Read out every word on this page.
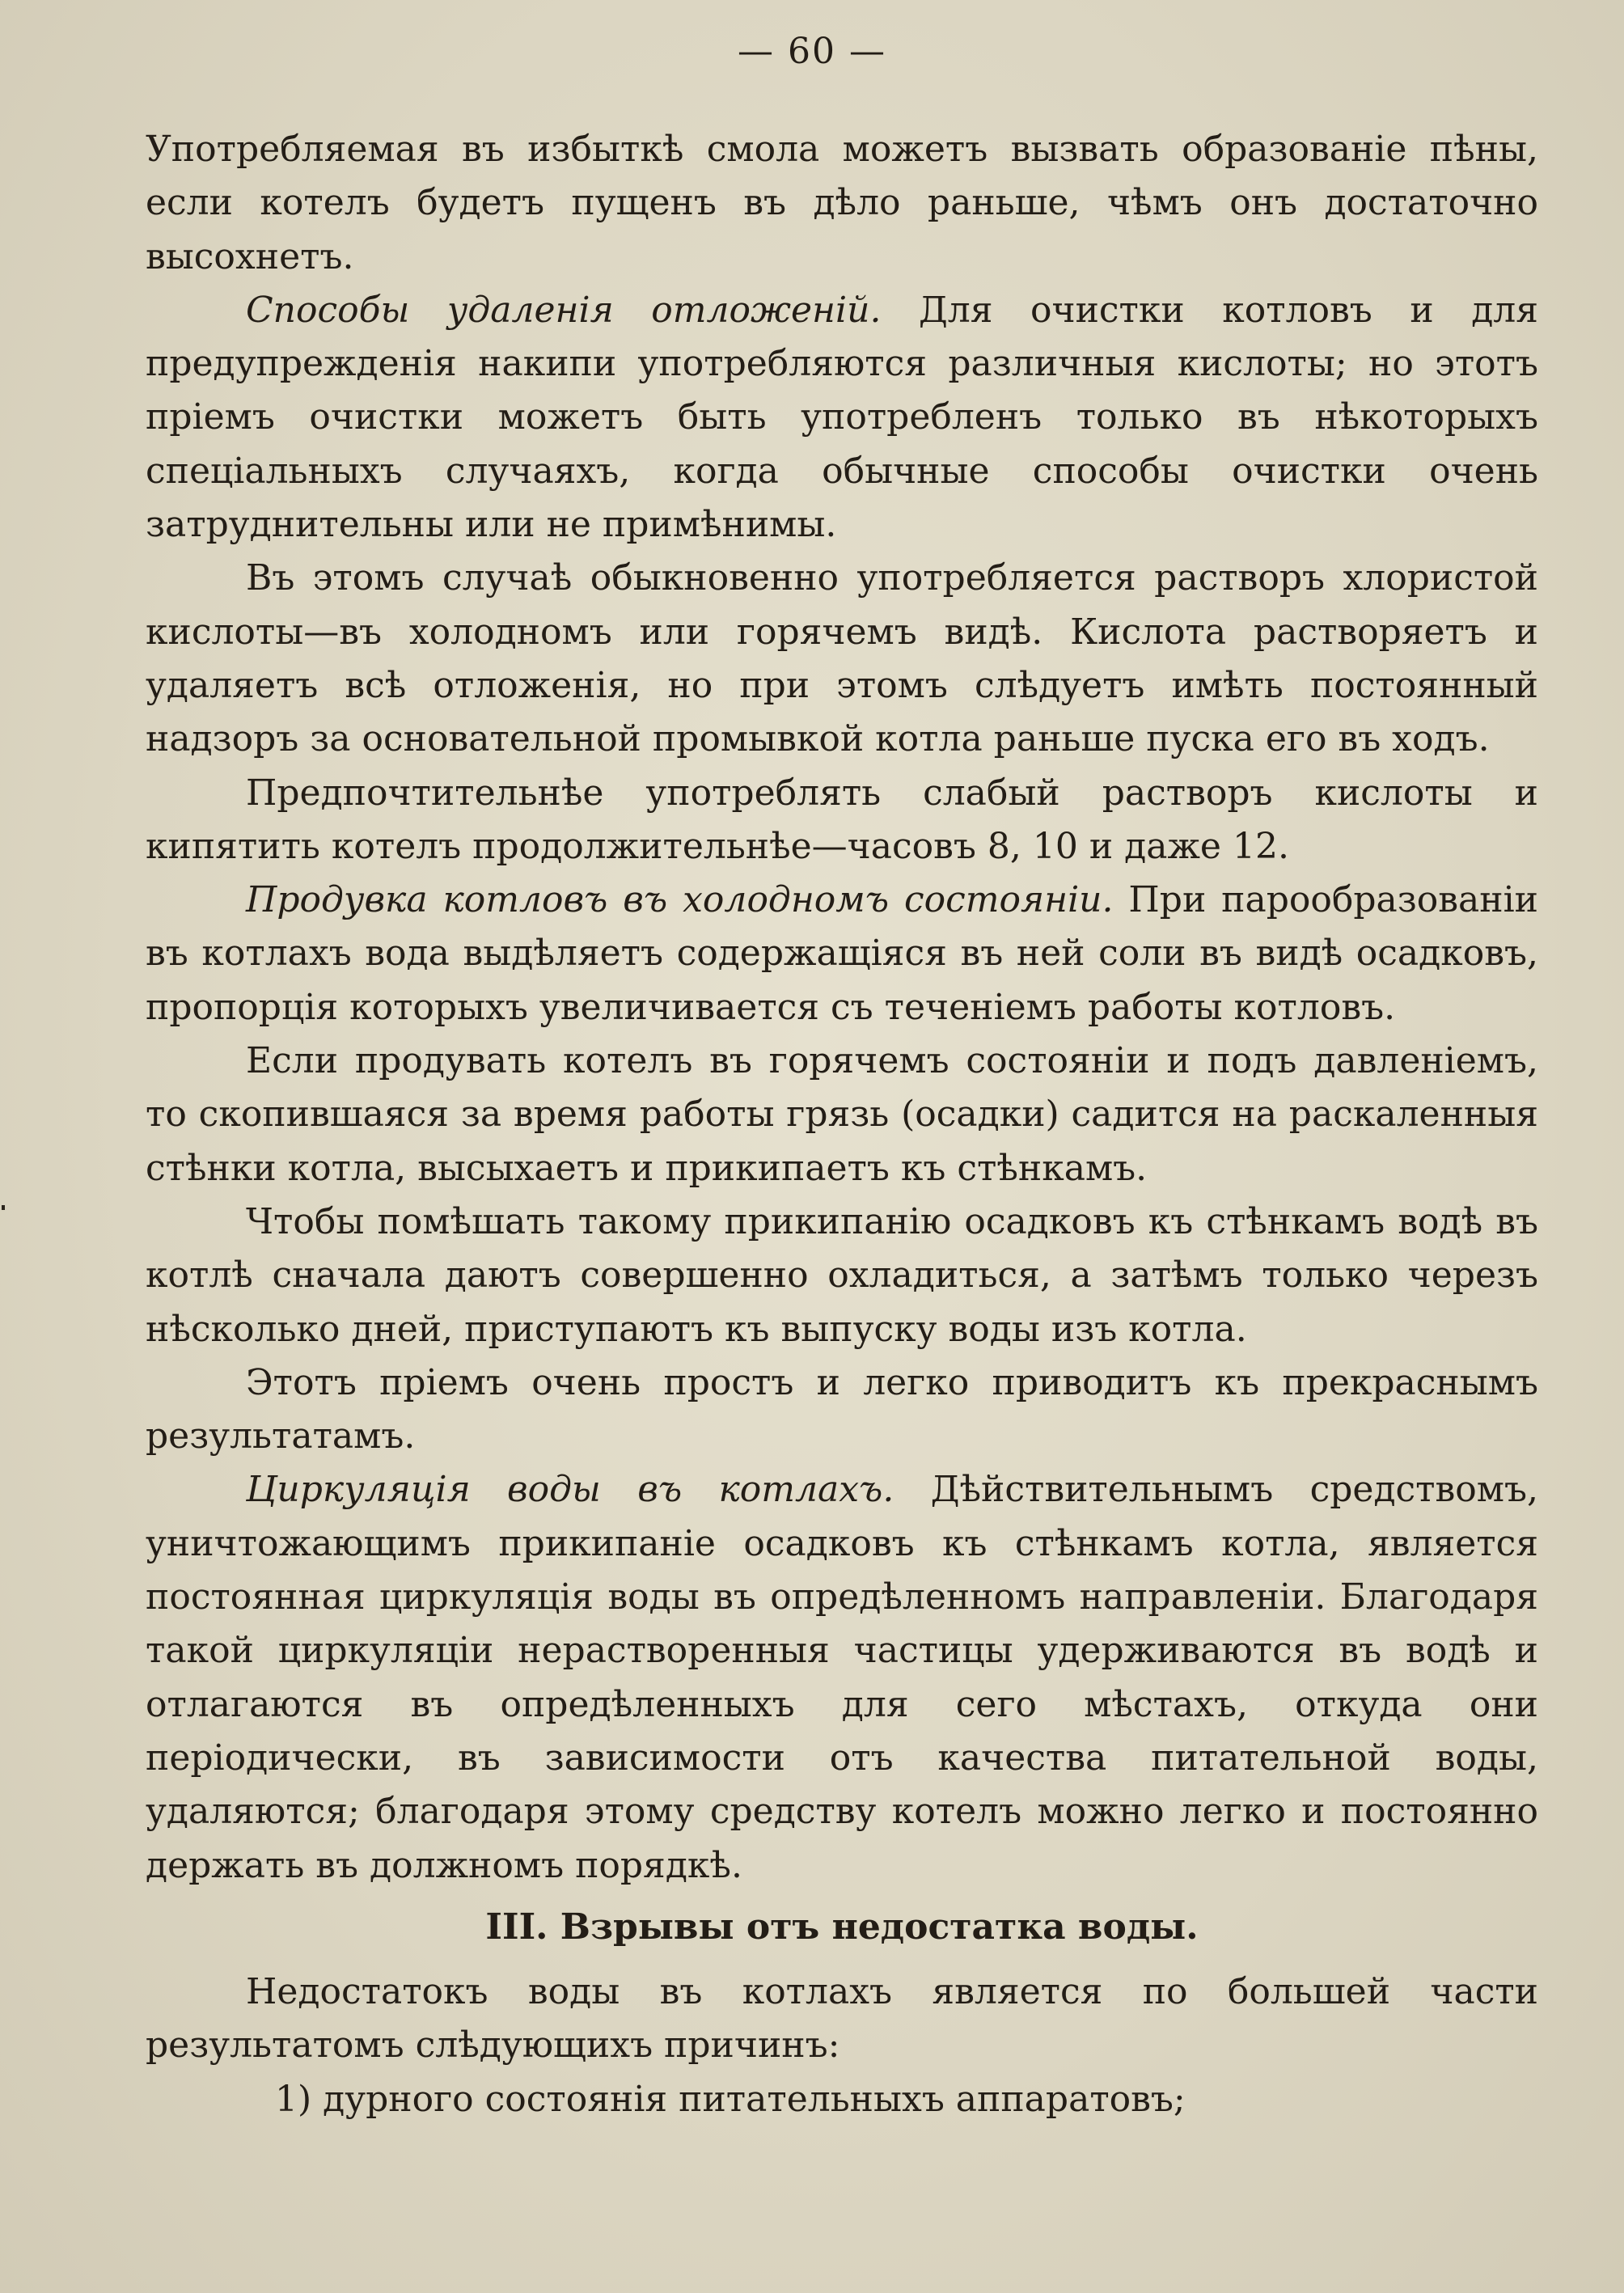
— 60 —

Употребляемая въ избыткѣ смола можетъ вызвать образованіе пѣны, если котелъ будетъ пущенъ въ дѣло раньше, чѣмъ онъ достаточно высохнетъ.

Способы удаленія отложеній. Для очистки котловъ и для предупрежденія накипи употребляются различныя кислоты; но этотъ пріемъ очистки можетъ быть употребленъ только въ нѣкоторыхъ спеціальныхъ случаяхъ, когда обычные способы очистки очень затруднительны или не примѣнимы.

Въ этомъ случаѣ обыкновенно употребляется растворъ хлористой кислоты—въ холодномъ или горячемъ видѣ. Кислота растворяетъ и удаляетъ всѣ отложенія, но при этомъ слѣдуетъ имѣть постоянный надзоръ за основательной промывкой котла раньше пуска его въ ходъ.

Предпочтительнѣе употреблять слабый растворъ кислоты и кипятить котелъ продолжительнѣе—часовъ 8, 10 и даже 12.

Продувка котловъ въ холодномъ состояніи. При парообразованіи въ котлахъ вода выдѣляетъ содержащіяся въ ней соли въ видѣ осадковъ, пропорція которыхъ увеличивается съ теченіемъ работы котловъ.

Если продувать котелъ въ горячемъ состояніи и подъ давленіемъ, то скопившаяся за время работы грязь (осадки) садится на раскаленныя стѣнки котла, высыхаетъ и прикипаетъ къ стѣнкамъ.

Чтобы помѣшать такому прикипанію осадковъ къ стѣнкамъ водѣ въ котлѣ сначала даютъ совершенно охладиться, а затѣмъ только черезъ нѣсколько дней, приступаютъ къ выпуску воды изъ котла.

Этотъ пріемъ очень простъ и легко приводитъ къ прекраснымъ результатамъ.

Циркуляція воды въ котлахъ. Дѣйствительнымъ средствомъ, уничтожающимъ прикипаніе осадковъ къ стѣнкамъ котла, является постоянная циркуляція воды въ опредѣленномъ направленіи. Благодаря такой циркуляціи нерастворенныя частицы удерживаются въ водѣ и отлагаются въ опредѣленныхъ для сего мѣстахъ, откуда они періодически, въ зависимости отъ качества питательной воды, удаляются; благодаря этому средству котелъ можно легко и постоянно держать въ должномъ порядкѣ.

III. Взрывы отъ недостатка воды.

Недостатокъ воды въ котлахъ является по большей части результатомъ слѣдующихъ причинъ:

1) дурного состоянія питательныхъ аппаратовъ;
